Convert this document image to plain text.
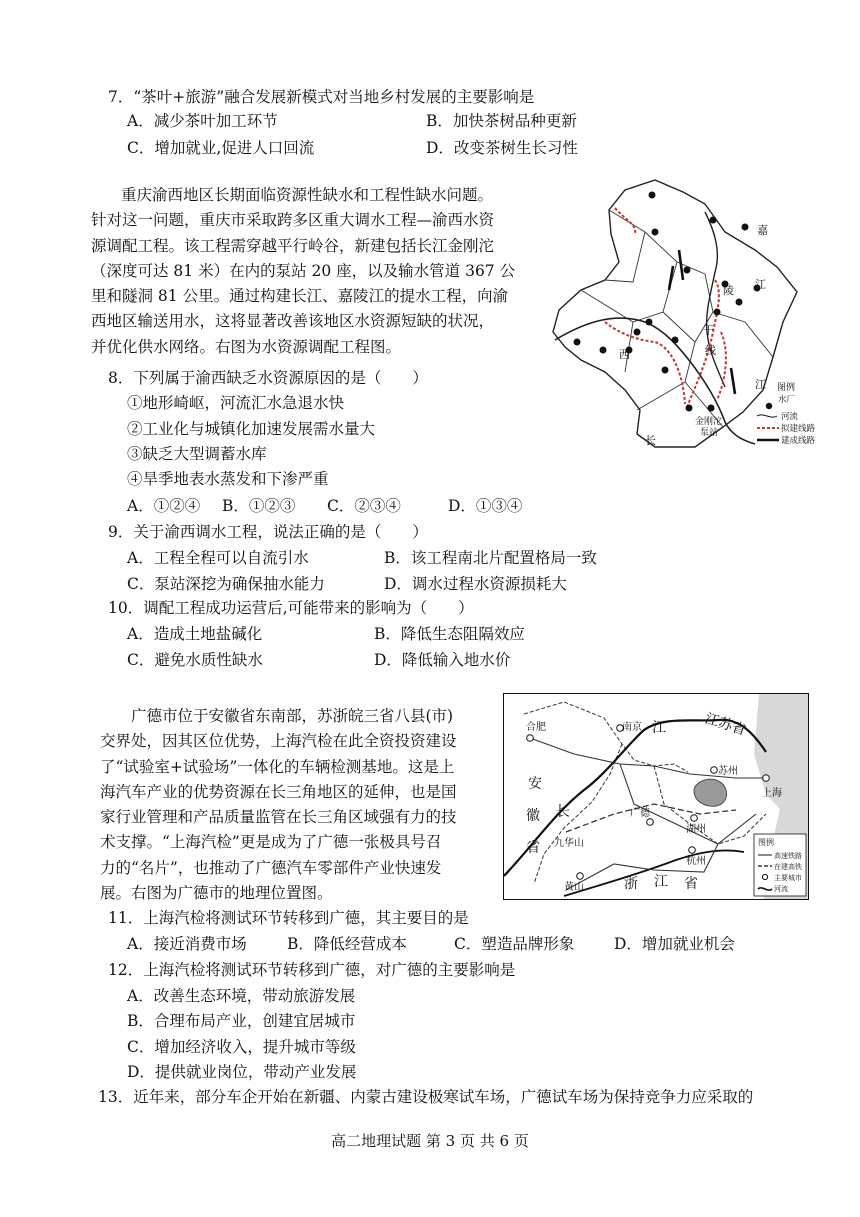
7．“茶叶+旅游”融合发展新模式对当地乡村发展的主要影响是
A．减少茶叶加工环节	B．加快茶树品种更新
C．增加就业,促进人口回流	D．改变茶树生长习性
重庆渝西地区长期面临资源性缺水和工程性缺水问题。
针对这一问题，重庆市采取跨多区重大调水工程—渝西水资
源调配工程。该工程需穿越平行岭谷，新建包括长江金刚沱
（深度可达 81 米）在内的泵站 20 座，以及输水管道 367 公
里和隧洞 81 公里。通过构建长江、嘉陵江的提水工程，向渝
西地区输送用水，这将显著改善该地区水资源短缺的状况，
并优化供水网络。右图为水资源调配工程图。
嘉
陵 江
干
线
西
长
江
金刚沱
泵站
图例
水厂
河流
拟建线路
建成线路
8．下列属于渝西缺乏水资源原因的是（　　）
①地形崎岖，河流汇水急退水快
②工业化与城镇化加速发展需水量大
③缺乏大型调蓄水库
④旱季地表水蒸发和下渗严重
A．①②④ B．①②③ C．②③④	D．①③④
9．关于渝西调水工程，说法正确的是（　　）
A．工程全程可以自流引水	B．该工程南北片配置格局一致
C．泵站深挖为确保抽水能力	D．调水过程水资源损耗大
10．调配工程成功运营后,可能带来的影响为（　　）
A．造成土地盐碱化	B．降低生态阻隔效应
C．避免水质性缺水	D．降低输入地水价
广德市位于安徽省东南部，苏浙皖三省八县(市)
交界处，因其区位优势，上海汽检在此全资投资建设
了“试验室+试验场”一体化的车辆检测基地。这是上
海汽车产业的优势资源在长三角地区的延伸，也是国
家行业管理和产品质量监管在长三角区域强有力的技
术支撑。“上海汽检”更是成为了广德一张极具号召
力的“名片”，也推动了广德汽车零部件产业快速发
展。右图为广德市的地理位置图。
合肥	南京
苏州
上海
广德
湖州
九华山
杭州
黄山
江	江苏省
安
徽
省
长
浙 江 省
图例
高速铁路
在建高铁
主要城市
河流
11．上海汽检将测试环节转移到广德，其主要目的是
A．接近消费市场	B．降低经营成本	C．塑造品牌形象	D．增加就业机会
12．上海汽检将测试环节转移到广德，对广德的主要影响是
A．改善生态环境，带动旅游发展
B．合理布局产业，创建宜居城市
C．增加经济收入，提升城市等级
D．提供就业岗位，带动产业发展
13．近年来，部分车企开始在新疆、内蒙古建设极寒试车场，广德试车场为保持竞争力应采取的
高二地理试题 第 3 页 共 6 页
